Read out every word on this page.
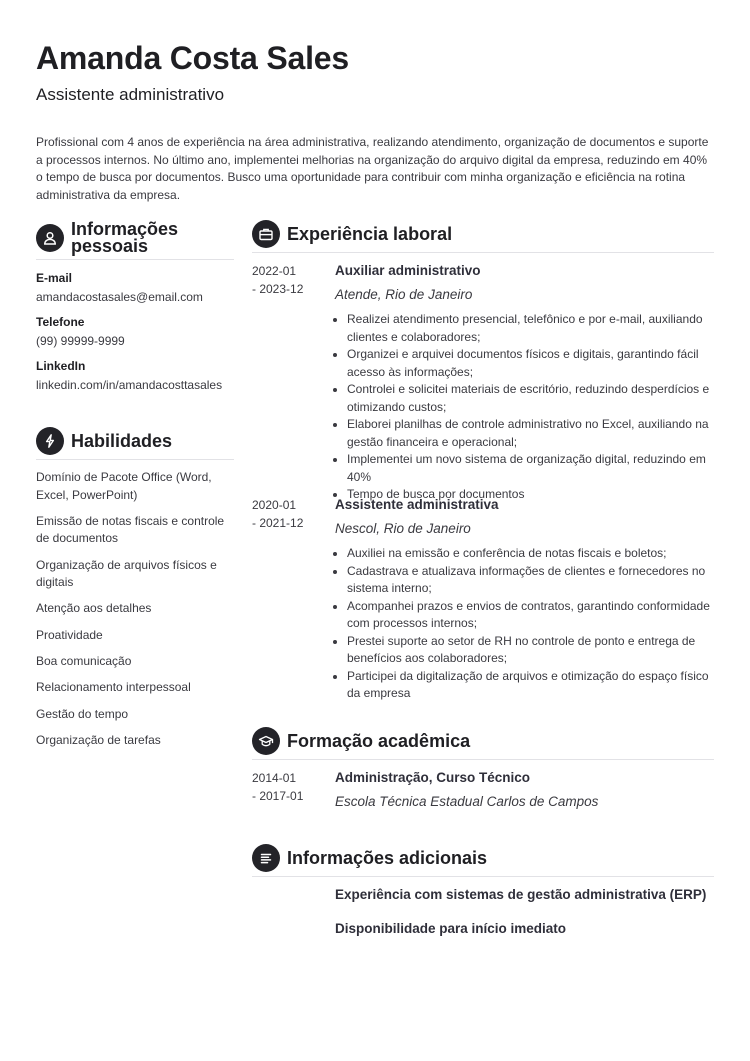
Amanda Costa Sales
Assistente administrativo
Profissional com 4 anos de experiência na área administrativa, realizando atendimento, organização de documentos e suporte a processos internos. No último ano, implementei melhorias na organização do arquivo digital da empresa, reduzindo em 40% o tempo de busca por documentos. Busco uma oportunidade para contribuir com minha organização e eficiência na rotina administrativa da empresa.
Informações
pessoais
E-mail
amandacostasales@email.com
Telefone
(99) 99999-9999
LinkedIn
linkedin.com/in/amandacosttasales
Habilidades
Domínio de Pacote Office (Word, Excel, PowerPoint)
Emissão de notas fiscais e controle de documentos
Organização de arquivos físicos e digitais
Atenção aos detalhes
Proatividade
Boa comunicação
Relacionamento interpessoal
Gestão do tempo
Organização de tarefas
Experiência laboral
2022-01
- 2023-12
Auxiliar administrativo
Atende, Rio de Janeiro
• Realizei atendimento presencial, telefônico e por e-mail, auxiliando clientes e colaboradores;
• Organizei e arquivei documentos físicos e digitais, garantindo fácil acesso às informações;
• Controlei e solicitei materiais de escritório, reduzindo desperdícios e otimizando custos;
• Elaborei planilhas de controle administrativo no Excel, auxiliando na gestão financeira e operacional;
• Implementei um novo sistema de organização digital, reduzindo em 40%
• Tempo de busca por documentos
2020-01
- 2021-12
Assistente administrativa
Nescol, Rio de Janeiro
• Auxiliei na emissão e conferência de notas fiscais e boletos;
• Cadastrava e atualizava informações de clientes e fornecedores no sistema interno;
• Acompanhei prazos e envios de contratos, garantindo conformidade com processos internos;
• Prestei suporte ao setor de RH no controle de ponto e entrega de benefícios aos colaboradores;
• Participei da digitalização de arquivos e otimização do espaço físico da empresa
Formação acadêmica
2014-01
- 2017-01
Administração, Curso Técnico
Escola Técnica Estadual Carlos de Campos
Informações adicionais
Experiência com sistemas de gestão administrativa (ERP)
Disponibilidade para início imediato
